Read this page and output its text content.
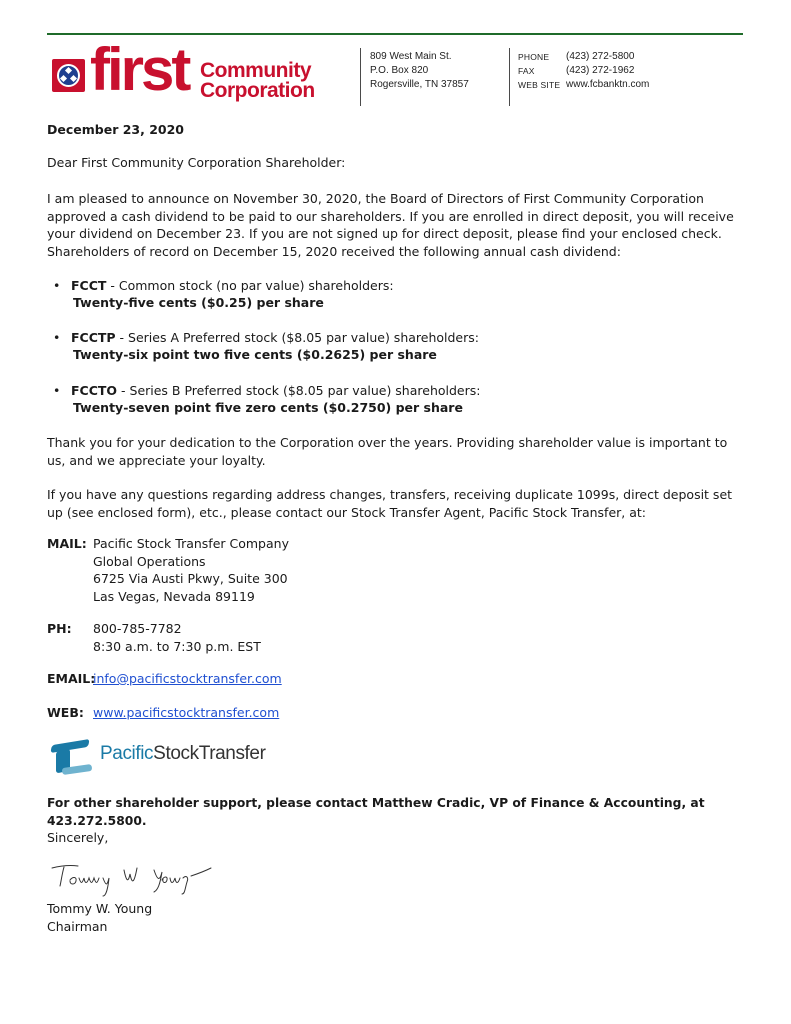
first Community
Corporation
809 West Main St.
P.O. Box 820
Rogersville, TN 37857
PHONE	(423) 272-5800
FAX	(423) 272-1962
WEB SITE www.fcbanktn.com
December 23, 2020
Dear First Community Corporation Shareholder:
I am pleased to announce on November 30, 2020, the Board of Directors of First Community Corporation approved a cash dividend to be paid to our shareholders. If you are enrolled in direct deposit, you will receive your dividend on December 23. If you are not signed up for direct deposit, please find your enclosed check. Shareholders of record on December 15, 2020 received the following annual cash dividend:
• FCCT - Common stock (no par value) shareholders:
Twenty-five cents ($0.25) per share
• FCCTP - Series A Preferred stock ($8.05 par value) shareholders:
Twenty-six point two five cents ($0.2625) per share
• FCCTO - Series B Preferred stock ($8.05 par value) shareholders:
Twenty-seven point five zero cents ($0.2750) per share
Thank you for your dedication to the Corporation over the years. Providing shareholder value is important to us, and we appreciate your loyalty.
If you have any questions regarding address changes, transfers, receiving duplicate 1099s, direct deposit set up (see enclosed form), etc., please contact our Stock Transfer Agent, Pacific Stock Transfer, at:
MAIL: Pacific Stock Transfer Company
Global Operations
6725 Via Austi Pkwy, Suite 300
Las Vegas, Nevada 89119
PH: 800-785-7782
8:30 a.m. to 7:30 p.m. EST
EMAIL:
info@pacificstocktransfer.com
WEB: www.pacificstocktransfer.com
PacificStockTransfer
For other shareholder support, please contact Matthew Cradic, VP of Finance & Accounting, at 423.272.5800.
Sincerely,
Tommy W. Young
Chairman
